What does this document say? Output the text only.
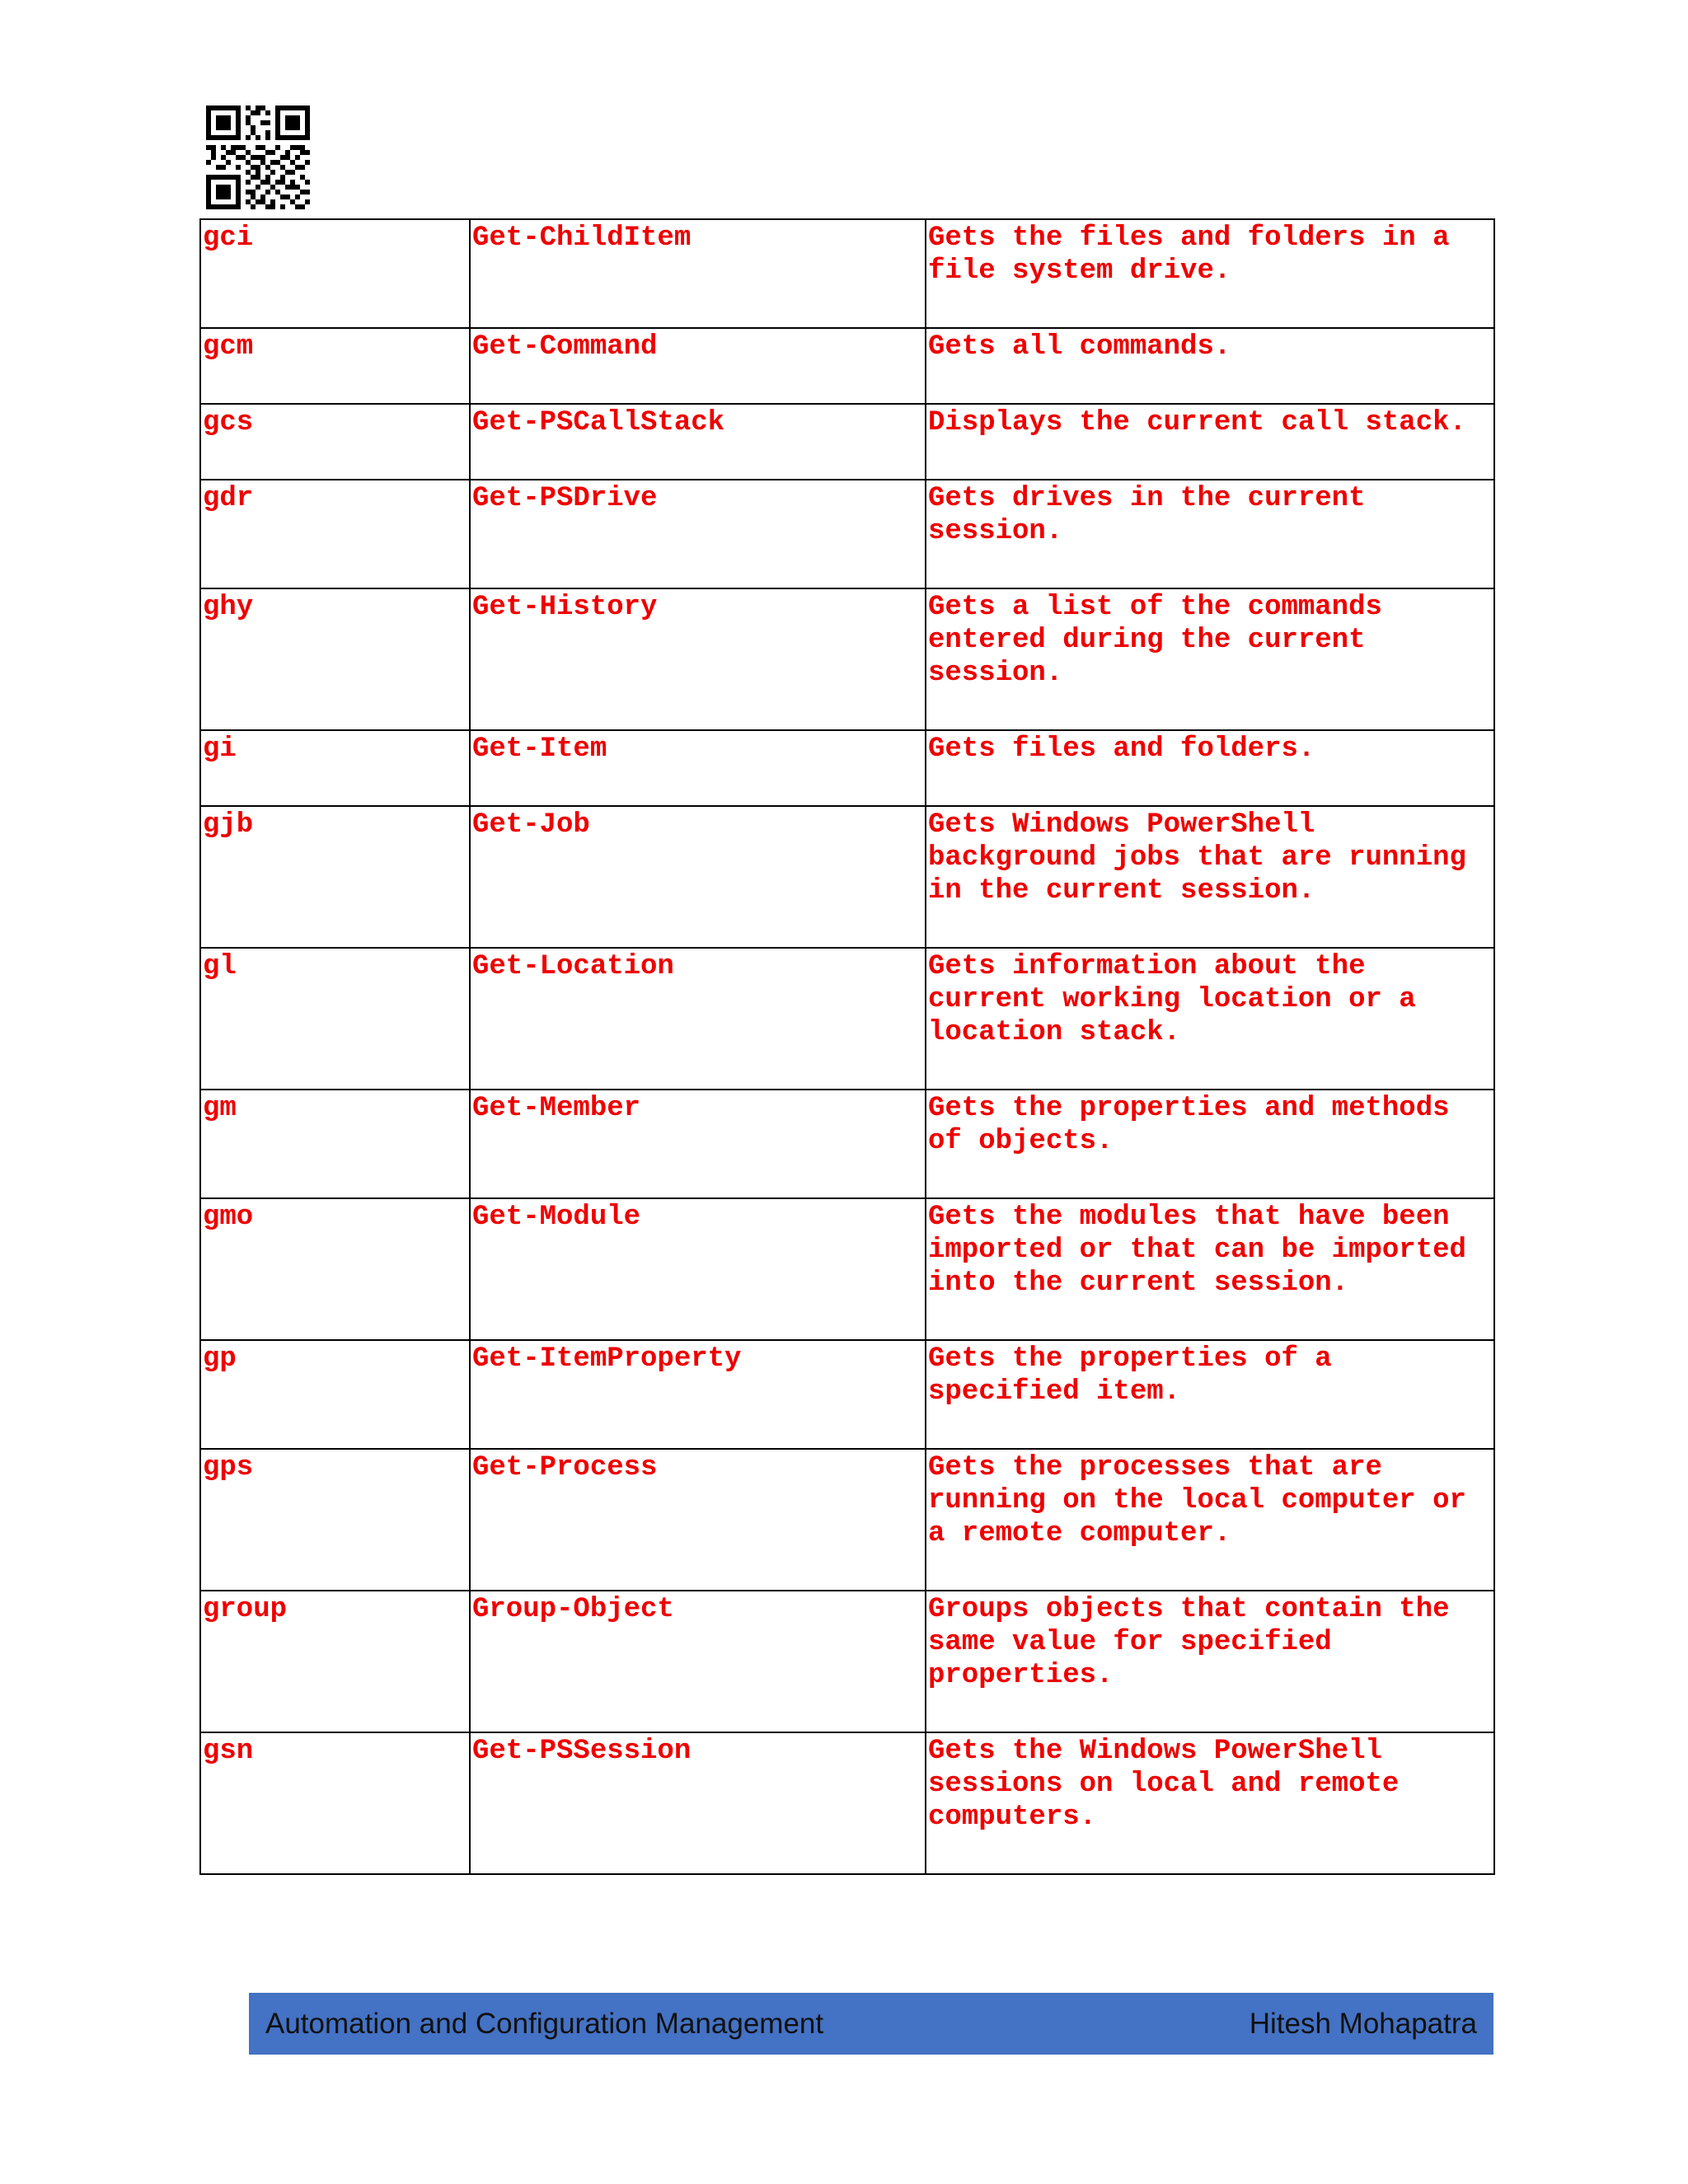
gci	Get-ChildItem	Gets the files and folders in a file system drive.
gcm	Get-Command	Gets all commands.
gcs	Get-PSCallStack	Displays the current call stack.
gdr	Get-PSDrive	Gets drives in the current session.
ghy	Get-History	Gets a list of the commands entered during the current session.
gi	Get-Item	Gets files and folders.
gjb	Get-Job	Gets Windows PowerShell background jobs that are running in the current session.
gl	Get-Location	Gets information about the current working location or a location stack.
gm	Get-Member	Gets the properties and methods of objects.
gmo	Get-Module	Gets the modules that have been imported or that can be imported into the current session.
gp	Get-ItemProperty	Gets the properties of a specified item.
gps	Get-Process	Gets the processes that are running on the local computer or a remote computer.
group	Group-Object	Groups objects that contain the same value for specified properties.
gsn	Get-PSSession	Gets the Windows PowerShell sessions on local and remote computers.
Automation and Configuration Management	Hitesh Mohapatra
